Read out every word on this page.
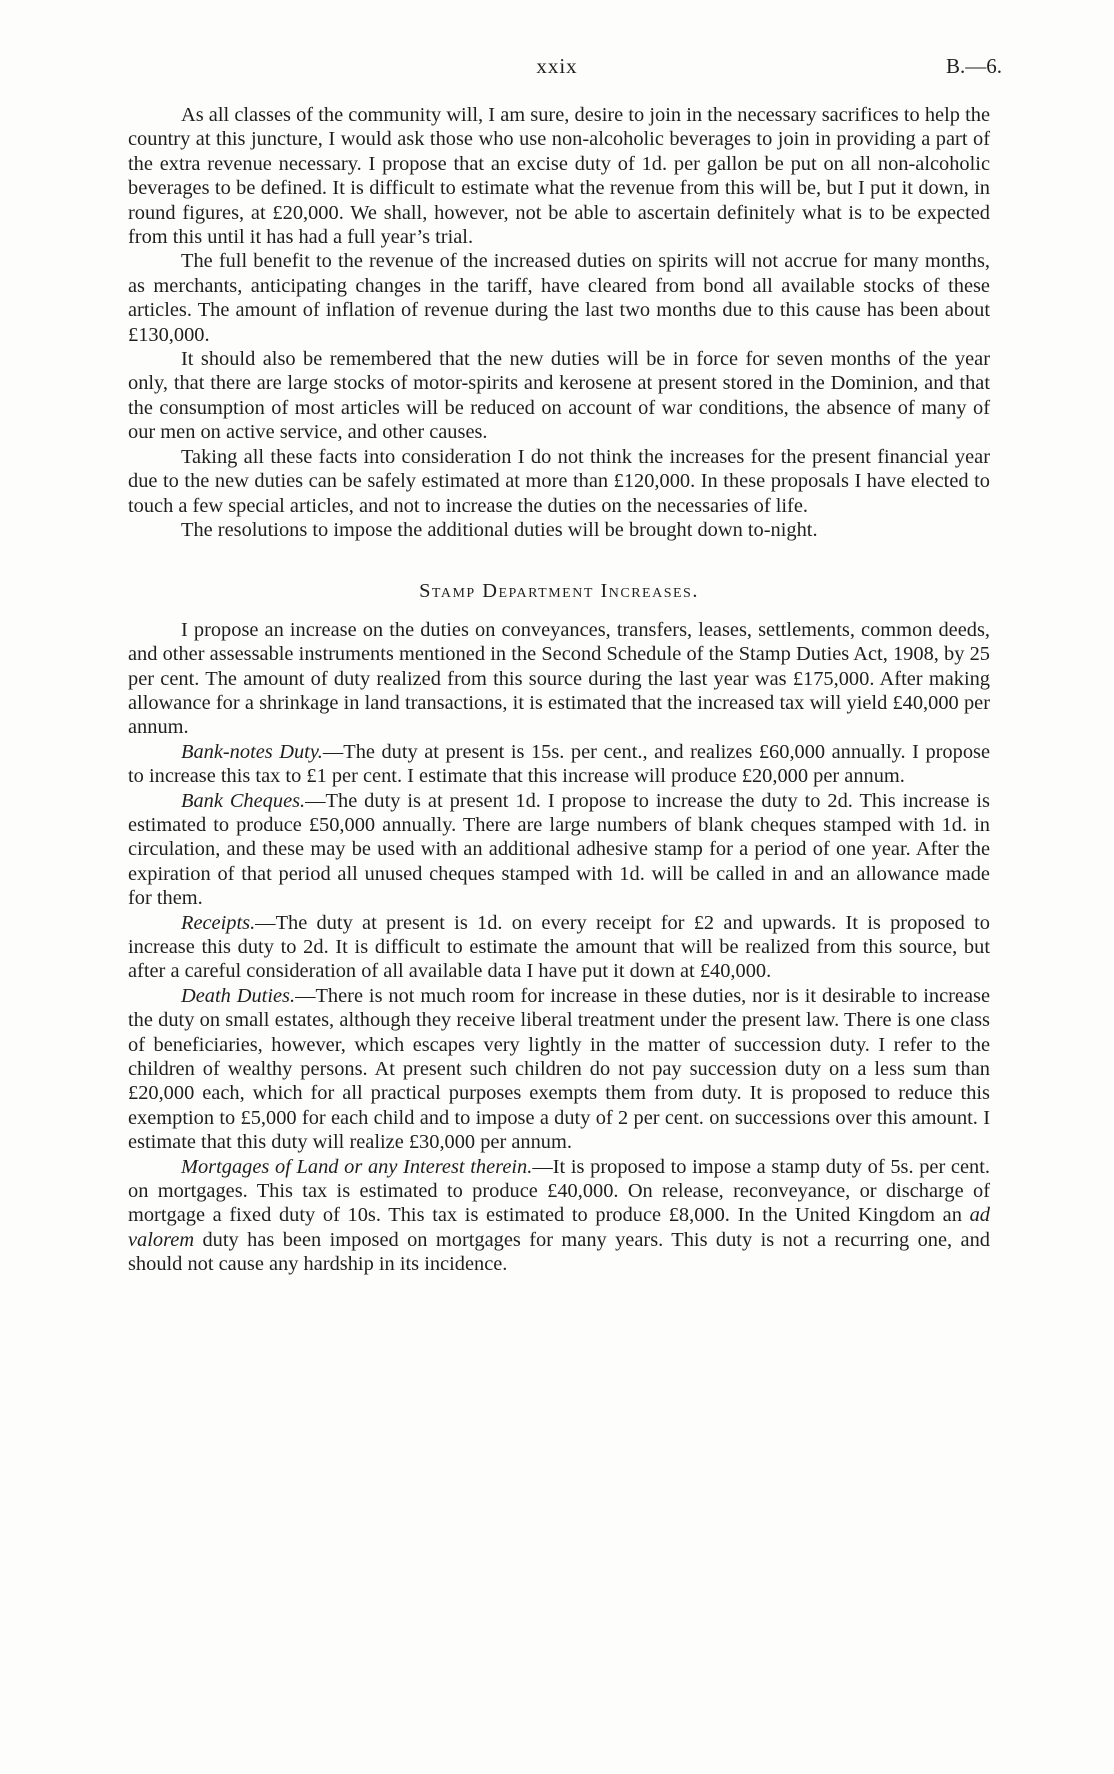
xxix	B.—6.

As all classes of the community will, I am sure, desire to join in the necessary sacrifices to help the country at this juncture, I would ask those who use non-alcoholic beverages to join in providing a part of the extra revenue necessary. I propose that an excise duty of 1d. per gallon be put on all non-alcoholic beverages to be defined. It is difficult to estimate what the revenue from this will be, but I put it down, in round figures, at £20,000. We shall, however, not be able to ascertain definitely what is to be expected from this until it has had a full year’s trial.

The full benefit to the revenue of the increased duties on spirits will not accrue for many months, as merchants, anticipating changes in the tariff, have cleared from bond all available stocks of these articles. The amount of inflation of revenue during the last two months due to this cause has been about £130,000.

It should also be remembered that the new duties will be in force for seven months of the year only, that there are large stocks of motor-spirits and kerosene at present stored in the Dominion, and that the consumption of most articles will be reduced on account of war conditions, the absence of many of our men on active service, and other causes.

Taking all these facts into consideration I do not think the increases for the present financial year due to the new duties can be safely estimated at more than £120,000. In these proposals I have elected to touch a few special articles, and not to increase the duties on the necessaries of life.

The resolutions to impose the additional duties will be brought down to-night.

Stamp Department Increases.

I propose an increase on the duties on conveyances, transfers, leases, settlements, common deeds, and other assessable instruments mentioned in the Second Schedule of the Stamp Duties Act, 1908, by 25 per cent. The amount of duty realized from this source during the last year was £175,000. After making allowance for a shrinkage in land transactions, it is estimated that the increased tax will yield £40,000 per annum.

Bank-notes Duty.—The duty at present is 15s. per cent., and realizes £60,000 annually. I propose to increase this tax to £1 per cent. I estimate that this increase will produce £20,000 per annum.

Bank Cheques.—The duty is at present 1d. I propose to increase the duty to 2d. This increase is estimated to produce £50,000 annually. There are large numbers of blank cheques stamped with 1d. in circulation, and these may be used with an additional adhesive stamp for a period of one year. After the expiration of that period all unused cheques stamped with 1d. will be called in and an allowance made for them.

Receipts.—The duty at present is 1d. on every receipt for £2 and upwards. It is proposed to increase this duty to 2d. It is difficult to estimate the amount that will be realized from this source, but after a careful consideration of all available data I have put it down at £40,000.

Death Duties.—There is not much room for increase in these duties, nor is it desirable to increase the duty on small estates, although they receive liberal treatment under the present law. There is one class of beneficiaries, however, which escapes very lightly in the matter of succession duty. I refer to the children of wealthy persons. At present such children do not pay succession duty on a less sum than £20,000 each, which for all practical purposes exempts them from duty. It is proposed to reduce this exemption to £5,000 for each child and to impose a duty of 2 per cent. on successions over this amount. I estimate that this duty will realize £30,000 per annum.

Mortgages of Land or any Interest therein.—It is proposed to impose a stamp duty of 5s. per cent. on mortgages. This tax is estimated to produce £40,000. On release, reconveyance, or discharge of mortgage a fixed duty of 10s. This tax is estimated to produce £8,000. In the United Kingdom an ad valorem duty has been imposed on mortgages for many years. This duty is not a recurring one, and should not cause any hardship in its incidence.
